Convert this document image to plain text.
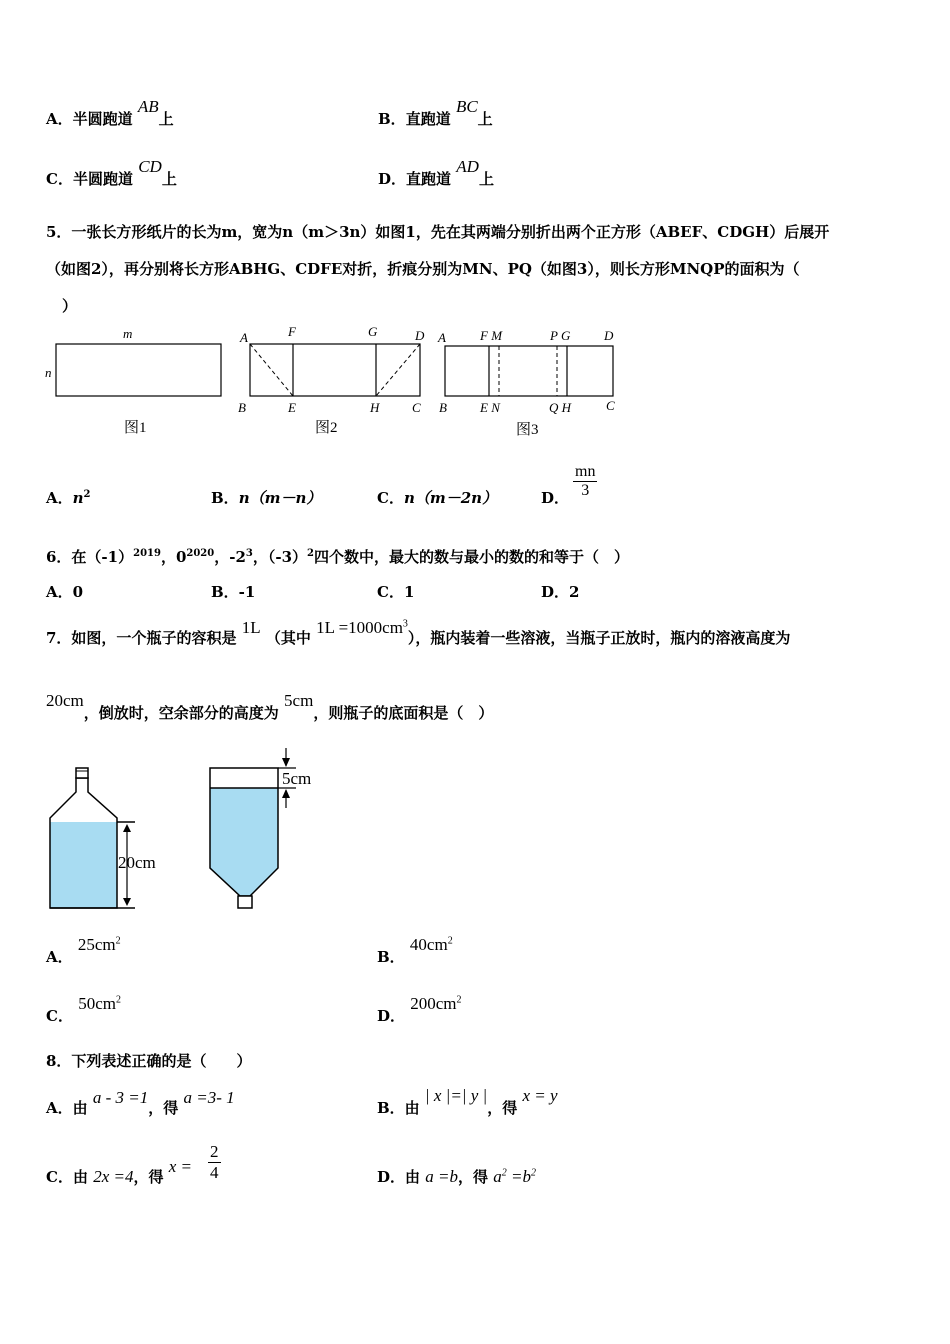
A．半圆跑道 AB上	B．直跑道 BC上
C．半圆跑道 CD上	D．直跑道 AD上
5．一张长方形纸片的长为m，宽为n（m＞3n）如图1，先在其两端分别折出两个正方形（ABEF、CDGH）后展开
（如图2），再分别将长方形ABHG、CDFE对折，折痕分别为MN、PQ（如图3），则长方形MNQP的面积为（
）
m
n
图1
A	F	G	D
B	E	H	C
图2
A	F M	P G	D
B	E N	Q H	C
图3
A．$n^2$	B．n（m－n）	C．n（m－2n）	D． $\frac{mn}{3}$
6．在$(-1)^{2019}$，$0^{2020}$，$-2^3$，$(-3)^2$四个数中，最大的数与最小的数的和等于（　）
A．0	B．-1	C．1	D．2
7．如图，一个瓶子的容积是 1L （其中 $1L =1000cm^3$），瓶内装着一些溶液，当瓶子正放时，瓶内的溶液高度为
20cm，倒放时，空余部分的高度为 5cm，则瓶子的底面积是（　）
20cm
5cm
A． $25cm^2$
B． $40cm^2$
C． $50cm^2$
D． $200cm^2$
8．下列表述正确的是（　　）
A．由 a - 3 =1，得 a =3- 1
B．由 | x |=| y |，得 x = y
C．由 2x =4，得 $x = \frac{2}{4}$	D．由 a =b，得 $a^2 =b^2$
